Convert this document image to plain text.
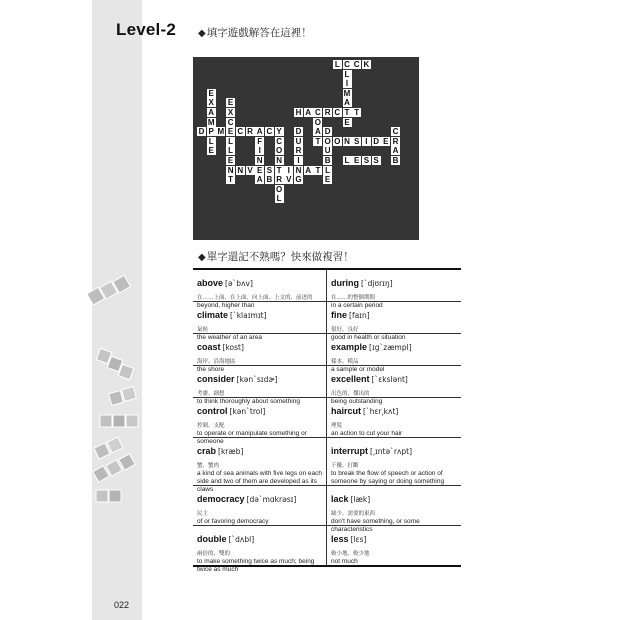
Level-2 ◆填字遊戲解答在這裡！
L C C K
H A C R C T T
D P M E C R A C Y
O O N S I D E R
L E S S
N N V E S T I N A T L
A B R V G
L
I
M
A
E
E
X
A
M
L
E
E
X
C
L
L
E
T
O
A
T
D
U
R
I
D
U
B
E
C
A
B
F
I
N
C
O
N
O
L
◆單字還記不熟嗎？快來做複習！
above [əˋbʌv]
在……上面、在上面、向上面、上文的、前述的
beyond, higher than
during [ˋdjʊrɪŋ]
在……的整個期間
in a certain period
climate [ˋklaɪmɪt]
氣候
the weather of an area
fine [faɪn]
很好、良好
good in health or situation
coast [kost]
海岸、沿海地區
the shore
example [ɪgˋzæmpl]
樣本、模品
a sample or model
consider [kənˋsɪdɚ]
考慮、細想
to think thoroughly about something
excellent [ˋɛkslənt]
出色的、傑出的
being outstanding
control [kənˋtrol]
控制、支配
to operate or manipulate something or someone
haircut [ˋhɛr͵kʌt]
理髮
an action to cut your hair
crab [kræb]
蟹、蟹肉
a kind of sea animals with five legs on each side and two of them are developed as its claws
interrupt [͵ɪntəˋrʌpt]
干擾、打斷
to break the flow of speech or action of someone by saying or doing something
democracy [dəˋmɑkrəsɪ]
民主
of or favoring democracy
lack [læk]
缺少、需要的東西
don't have something, or some characteristics
double [ˋdʌbl]
兩倍的、雙的
to make something twice as much; being twice as much
less [lɛs]
較小地、較少地
not much
022
